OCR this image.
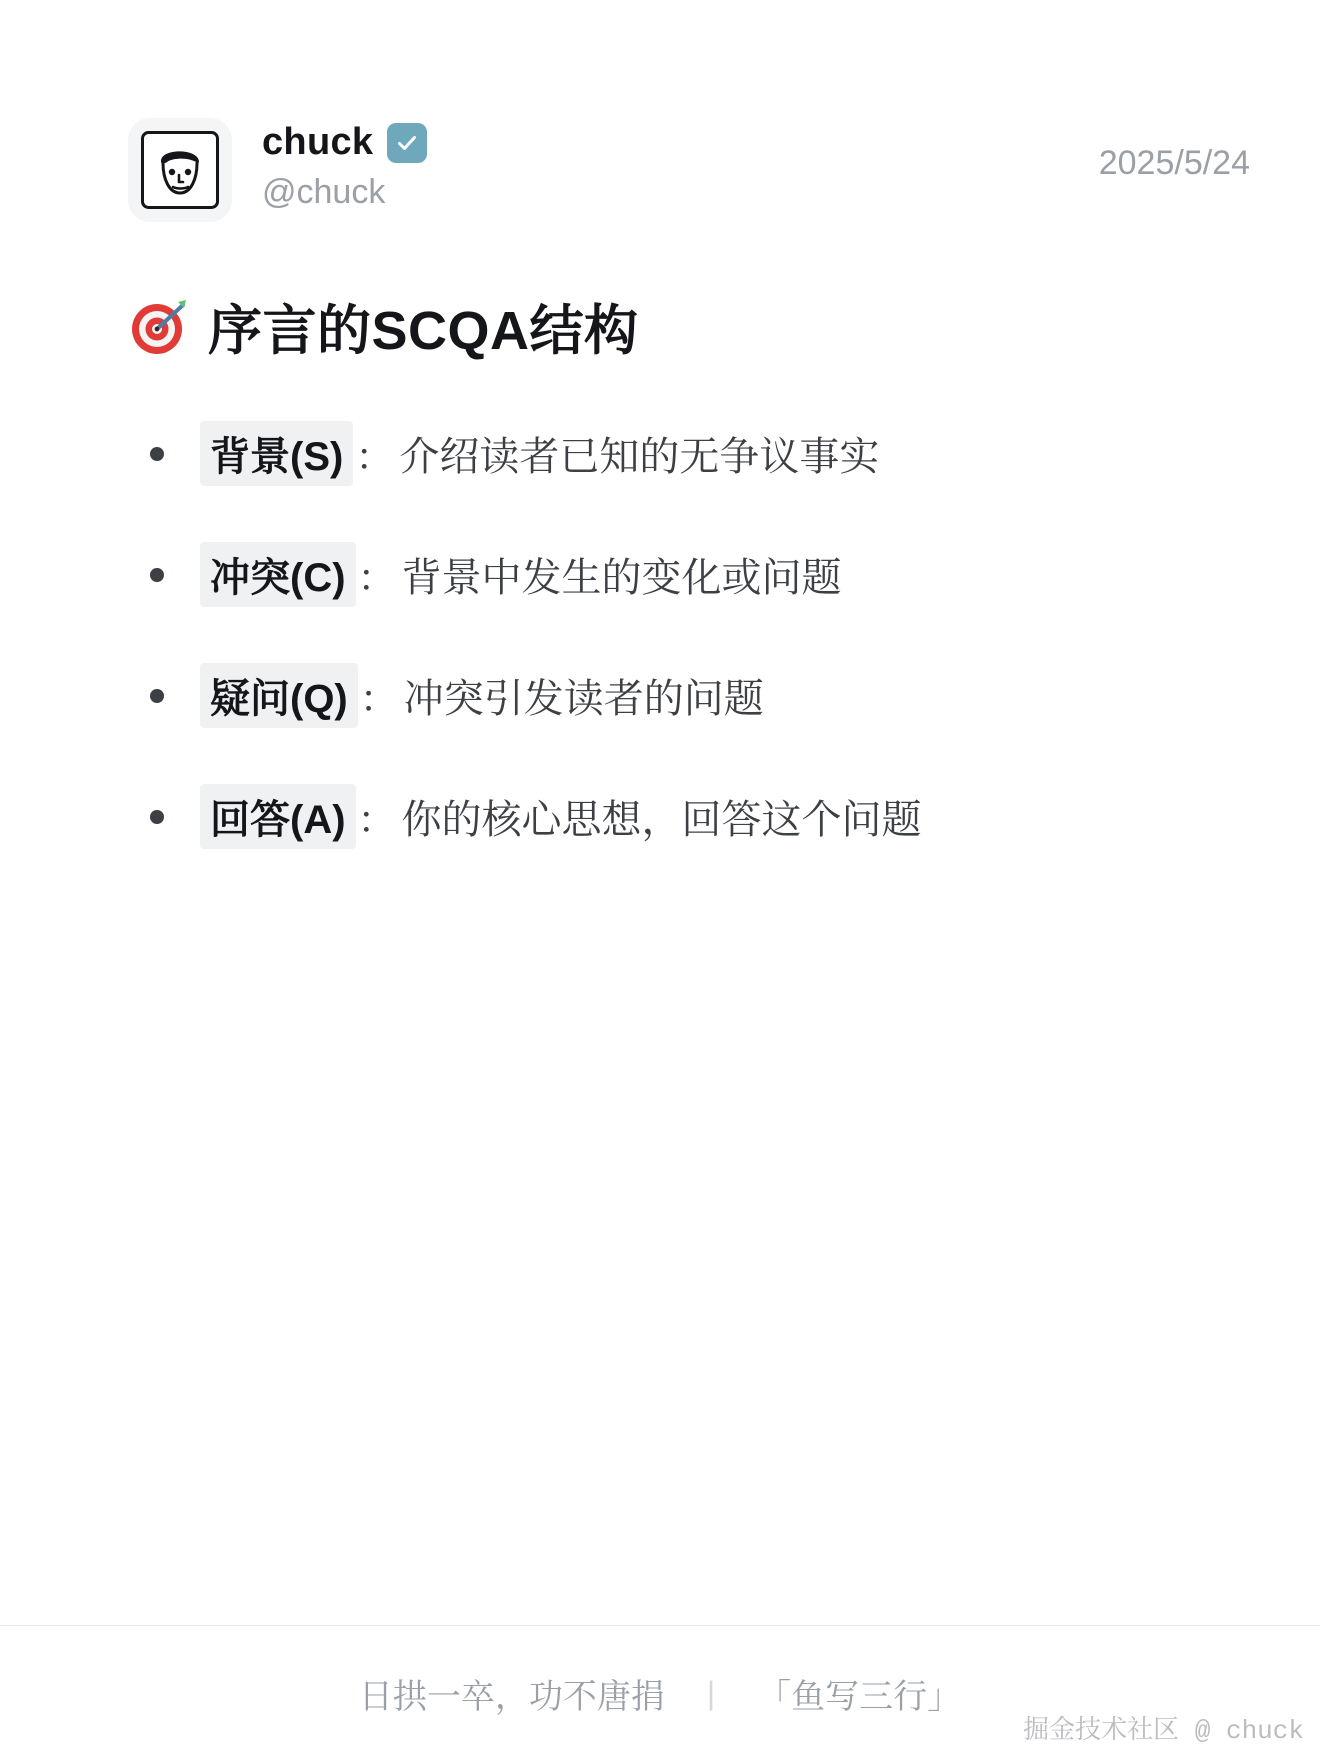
chuck
@chuck
2025/5/24
序言的SCQA结构
背景(S) ： 介绍读者已知的无争议事实
冲突(C) ： 背景中发生的变化或问题
疑问(Q) ： 冲突引发读者的问题
回答(A) ： 你的核心思想，回答这个问题
日拱一卒，功不唐捐 | 「鱼写三行」
掘金技术社区 @ chuck
